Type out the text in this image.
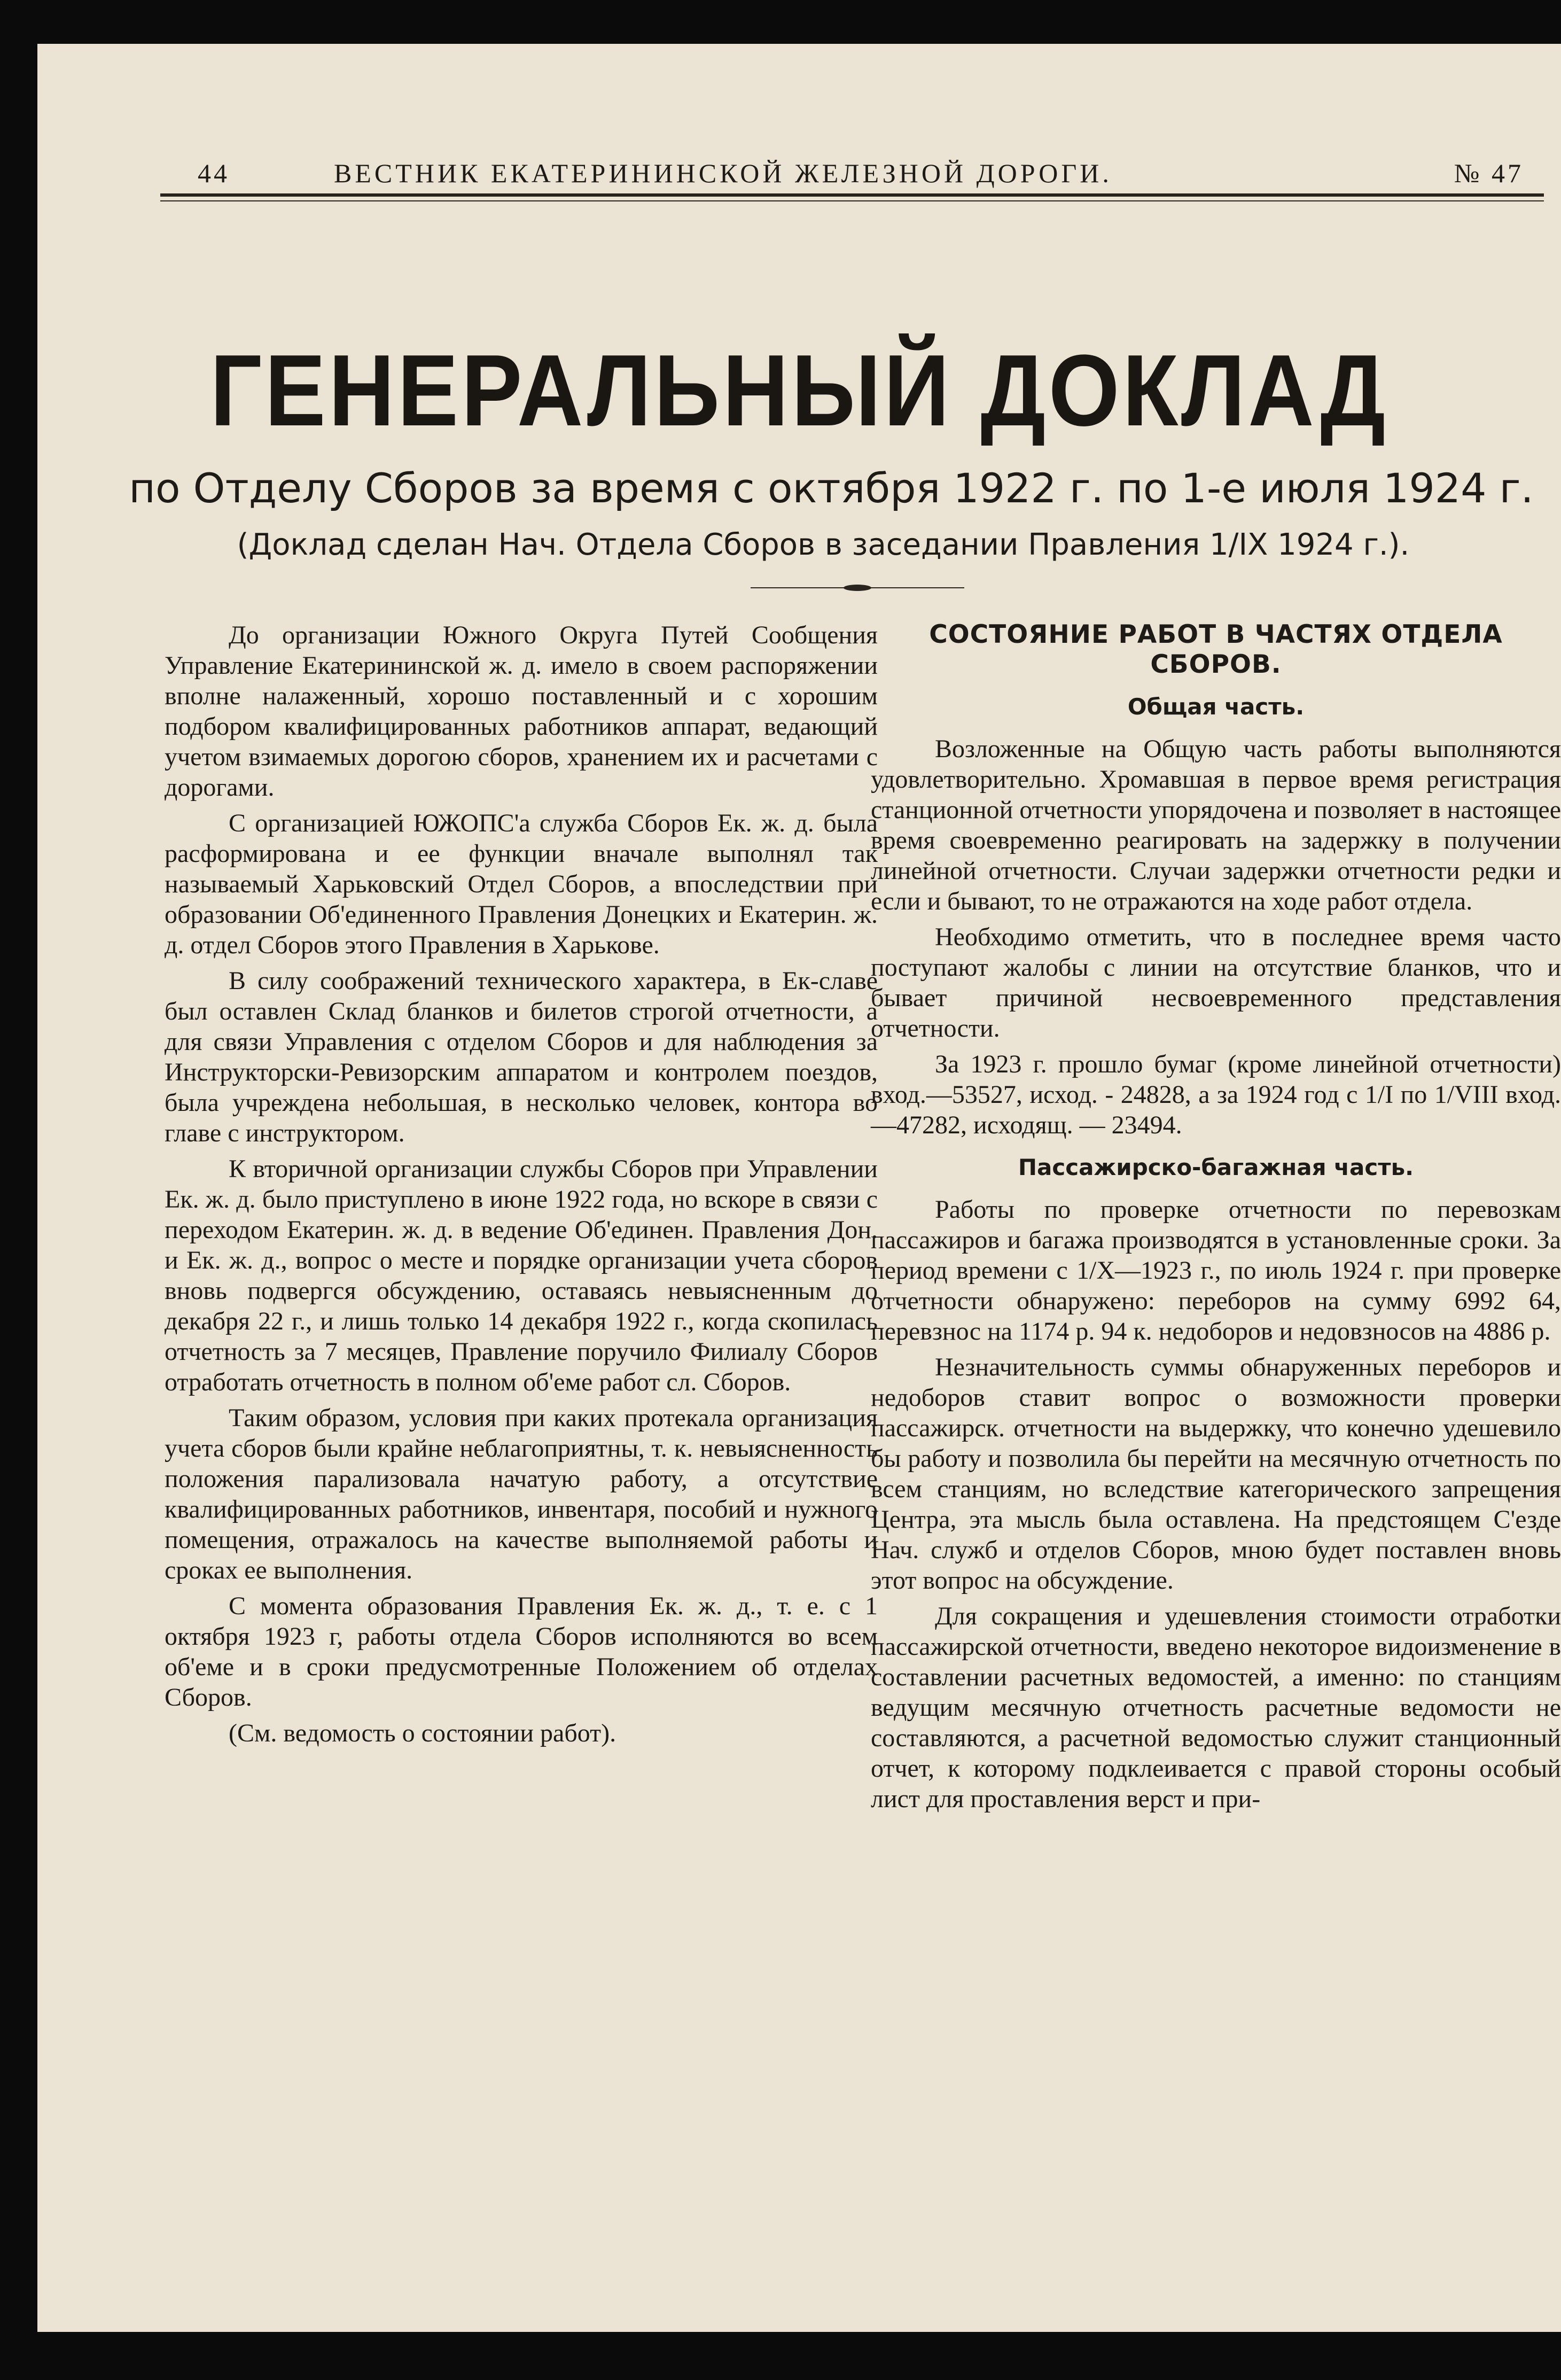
44	ВЕСТНИК ЕКАТЕРИНИНСКОЙ ЖЕЛЕЗНОЙ ДОРОГИ.	№ 47
ГЕНЕРАЛЬНЫЙ ДОКЛАД
по Отделу Сборов за время с октября 1922 г. по 1-е июля 1924 г.
(Доклад сделан Нач. Отдела Сборов в заседании Правления 1/IX 1924 г.).

До организации Южного Округа Путей Сообщения Управление Екатерининской ж. д. имело в своем распоряжении вполне налаженный, хорошо поставленный и с хорошим подбором квалифицированных работников аппарат, ведающий учетом взимаемых дорогою сборов, хранением их и расчетами с дорогами.

С организацией ЮЖОПС'а служба Сборов Ек. ж. д. была расформирована и ее функции вначале выполнял так называемый Харьковский Отдел Сборов, а впоследствии при образовании Об'единенного Правления Донецких и Екатерин. ж. д. отдел Сборов этого Правления в Харькове.

В силу соображений технического характера, в Ек-славе был оставлен Склад бланков и билетов строгой отчетности, а для связи Управления с отделом Сборов и для наблюдения за Инструкторски-Ревизорским аппаратом и контролем поездов, была учреждена небольшая, в несколько человек, контора во главе с инструктором.

К вторичной организации службы Сборов при Управлении Ек. ж. д. было приступлено в июне 1922 года, но вскоре в связи с переходом Екатерин. ж. д. в ведение Об'единен. Правления Дон. и Ек. ж. д., вопрос о месте и порядке организации учета сборов вновь подвергся обсуждению, оставаясь невыясненным до декабря 22 г., и лишь только 14 декабря 1922 г., когда скопилась отчетность за 7 месяцев, Правление поручило Филиалу Сборов отработать отчетность в полном об'еме работ сл. Сборов.

Таким образом, условия при каких протекала организация учета сборов были крайне неблагоприятны, т. к. невыясненность положения парализовала начатую работу, а отсутствие квалифицированных работников, инвентаря, пособий и нужного помещения, отражалось на качестве выполняемой работы и сроках ее выполнения.

С момента образования Правления Ек. ж. д., т. е. с 1 октября 1923 г, работы отдела Сборов исполняются во всем об'еме и в сроки предусмотренные Положением об отделах Сборов.

(См. ведомость о состоянии работ).

СОСТОЯНИЕ РАБОТ В ЧАСТЯХ ОТДЕЛА СБОРОВ.
Общая часть.

Возложенные на Общую часть работы выполняются удовлетворительно. Хромавшая в первое время регистрация станционной отчетности упорядочена и позволяет в настоящее время своевременно реагировать на задержку в получении линейной отчетности. Случаи задержки отчетности редки и если и бывают, то не отражаются на ходе работ отдела.

Необходимо отметить, что в последнее время часто поступают жалобы с линии на отсутствие бланков, что и бывает причиной несвоевременного представления отчетности.

За 1923 г. прошло бумаг (кроме линейной отчетности) вход.—53527, исход. - 24828, а за 1924 год с 1/I по 1/VIII вход.—47282, исходящ. — 23494.

Пассажирско-багажная часть.

Работы по проверке отчетности по перевозкам пассажиров и багажа производятся в установленные сроки. За период времени с 1/X—1923 г., по июль 1924 г. при проверке отчетности обнаружено: переборов на сумму 6992 64, перевзнос на 1174 р. 94 к. недоборов и недовзносов на 4886 р.

Незначительность суммы обнаруженных переборов и недоборов ставит вопрос о возможности проверки пассажирск. отчетности на выдержку, что конечно удешевило бы работу и позволила бы перейти на месячную отчетность по всем станциям, но вследствие категорического запрещения Центра, эта мысль была оставлена. На предстоящем С'езде Нач. служб и отделов Сборов, мною будет поставлен вновь этот вопрос на обсуждение.

Для сокращения и удешевления стоимости отработки пассажирской отчетности, введено некоторое видоизменение в составлении расчетных ведомостей, а именно: по станциям ведущим месячную отчетность расчетные ведомости не составляются, а расчетной ведомостью служит станционный отчет, к которому подклеивается с правой стороны особый лист для проставления верст и при-
